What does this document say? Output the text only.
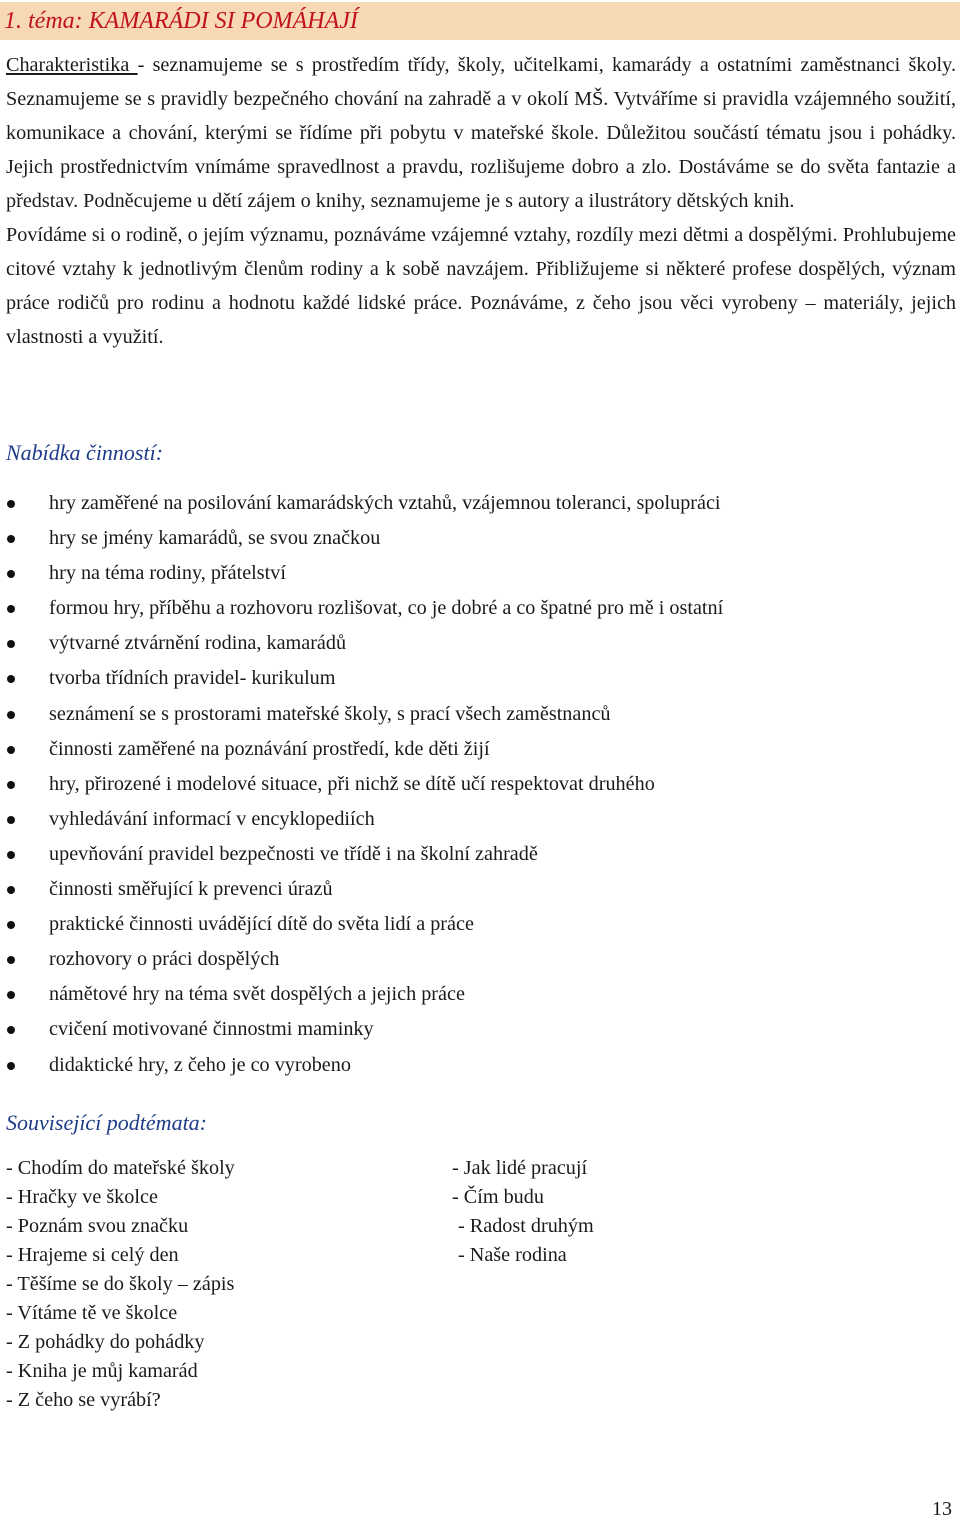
1. téma: KAMARÁDI SI POMÁHAJÍ

Charakteristika - seznamujeme se s prostředím třídy, školy, učitelkami, kamarády a ostatními zaměstnanci školy. Seznamujeme se s pravidly bezpečného chování na zahradě a v okolí MŠ. Vytváříme si pravidla vzájemného soužití, komunikace a chování, kterými se řídíme při pobytu v mateřské škole. Důležitou součástí tématu jsou i pohádky. Jejich prostřednictvím vnímáme spravedlnost a pravdu, rozlišujeme dobro a zlo. Dostáváme se do světa fantazie a představ. Podněcujeme u dětí zájem o knihy, seznamujeme je s autory a ilustrátory dětských knih.

Povídáme si o rodině, o jejím významu, poznáváme vzájemné vztahy, rozdíly mezi dětmi a dospělými. Prohlubujeme citové vztahy k jednotlivým členům rodiny a k sobě navzájem. Přibližujeme si některé profese dospělých, význam práce rodičů pro rodinu a hodnotu každé lidské práce. Poznáváme, z čeho jsou věci vyrobeny – materiály, jejich vlastnosti a využití.

Nabídka činností:
hry zaměřené na posilování kamarádských vztahů, vzájemnou toleranci, spolupráci
hry se jmény kamarádů, se svou značkou
hry na téma rodiny, přátelství
formou hry, příběhu a rozhovoru rozlišovat, co je dobré a co špatné pro mě i ostatní
výtvarné ztvárnění rodina, kamarádů
tvorba třídních pravidel- kurikulum
seznámení se s prostorami mateřské školy, s prací všech zaměstnanců
činnosti zaměřené na poznávání prostředí, kde děti žijí
hry, přirozené i modelové situace, při nichž se dítě učí respektovat druhého
vyhledávání informací v encyklopediích
upevňování pravidel bezpečnosti ve třídě i na školní zahradě
činnosti směřující k prevenci úrazů
praktické činnosti uvádějící dítě do světa lidí a práce
rozhovory o práci dospělých
námětové hry na téma svět dospělých a jejich práce
cvičení motivované činnostmi maminky
didaktické hry, z čeho je co vyrobeno
Související podtémata:
- Chodím do mateřské školy
- Hračky ve školce
- Poznám svou značku
- Hrajeme si celý den
- Těšíme se do školy – zápis
- Vítáme tě ve školce
- Z pohádky do pohádky
- Kniha je můj kamarád
- Z čeho se vyrábí?
- Jak lidé pracují
- Čím budu
- Radost druhým
- Naše rodina
13
